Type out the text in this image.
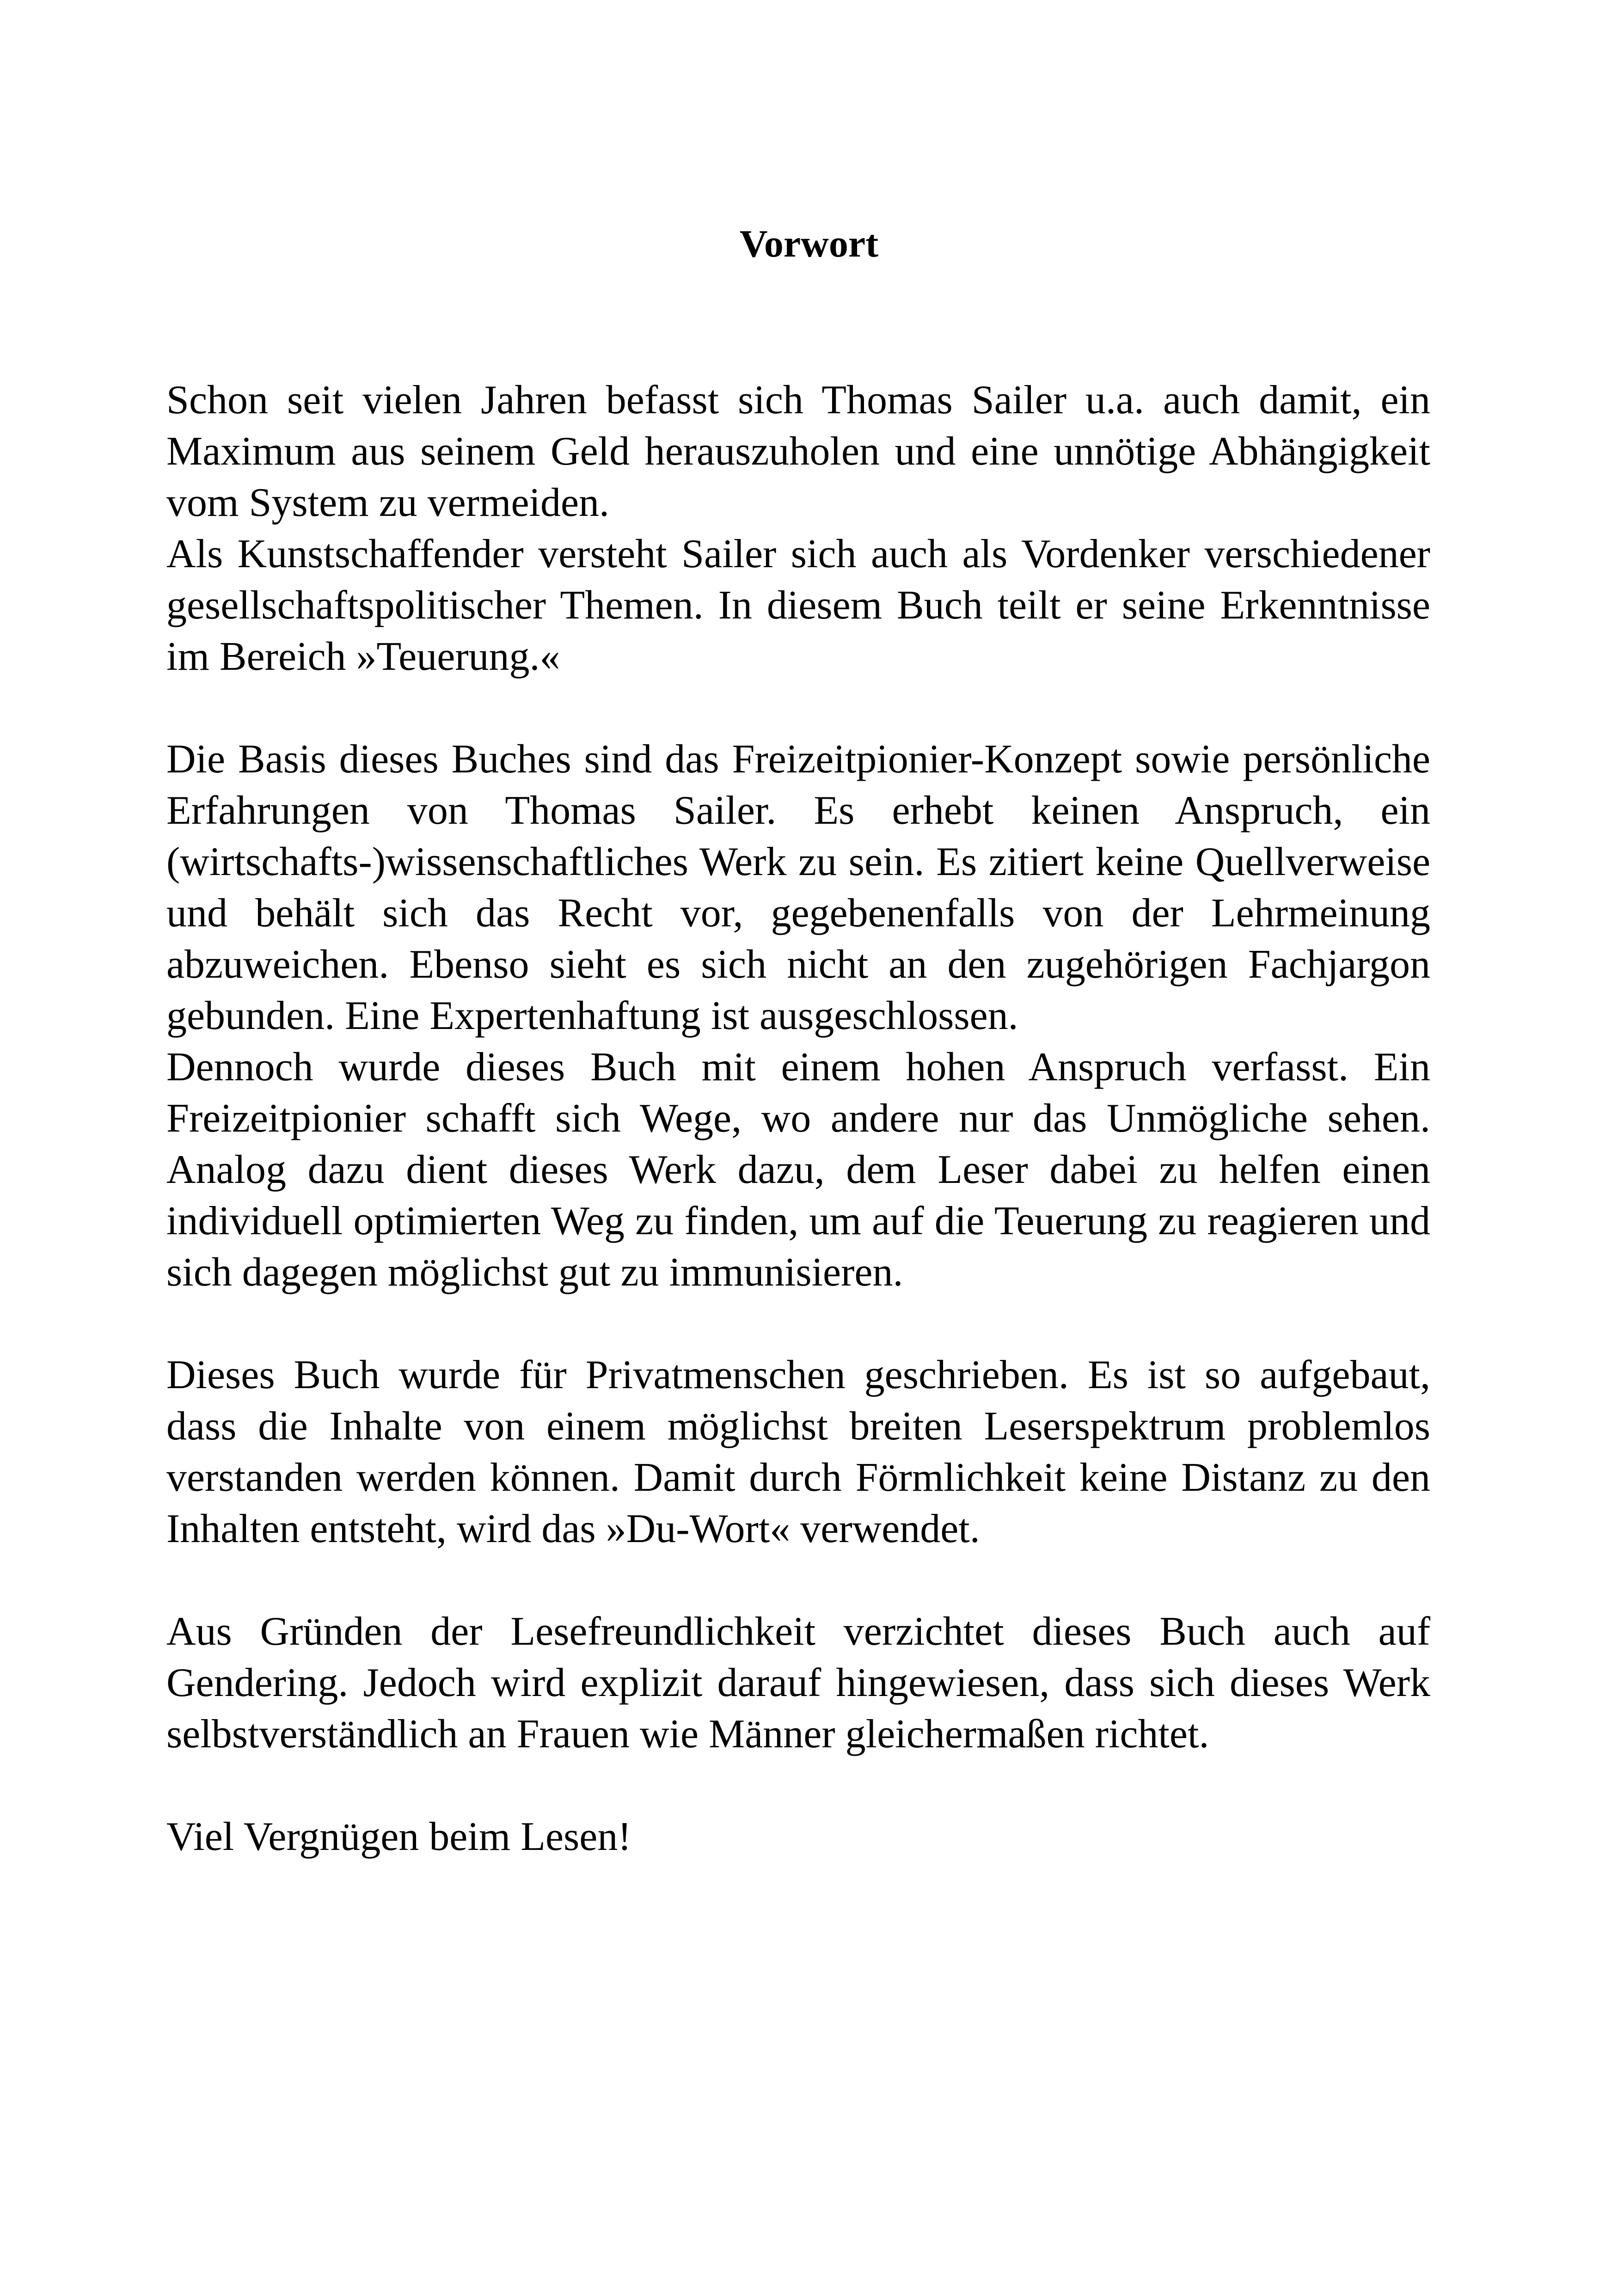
Vorwort

Schon seit vielen Jahren befasst sich Thomas Sailer u.a. auch damit, ein Maximum aus seinem Geld herauszuholen und eine unnötige Abhängigkeit vom System zu vermeiden.

Als Kunstschaffender versteht Sailer sich auch als Vordenker verschiedener gesellschaftspolitischer Themen. In diesem Buch teilt er seine Erkenntnisse im Bereich »Teuerung.«

Die Basis dieses Buches sind das Freizeitpionier-Konzept sowie persönliche Erfahrungen von Thomas Sailer. Es erhebt keinen Anspruch, ein (wirtschafts-)wissenschaftliches Werk zu sein. Es zitiert keine Quellverweise und behält sich das Recht vor, gegebenenfalls von der Lehrmeinung abzuweichen. Ebenso sieht es sich nicht an den zugehörigen Fachjargon gebunden. Eine Expertenhaftung ist ausgeschlossen.

Dennoch wurde dieses Buch mit einem hohen Anspruch verfasst. Ein Freizeitpionier schafft sich Wege, wo andere nur das Unmögliche sehen. Analog dazu dient dieses Werk dazu, dem Leser dabei zu helfen einen individuell optimierten Weg zu finden, um auf die Teuerung zu reagieren und sich dagegen möglichst gut zu immunisieren.

Dieses Buch wurde für Privatmenschen geschrieben. Es ist so aufgebaut, dass die Inhalte von einem möglichst breiten Leserspektrum problemlos verstanden werden können. Damit durch Förmlichkeit keine Distanz zu den Inhalten entsteht, wird das »Du-Wort« verwendet.

Aus Gründen der Lesefreundlichkeit verzichtet dieses Buch auch auf Gendering. Jedoch wird explizit darauf hingewiesen, dass sich dieses Werk selbstverständlich an Frauen wie Männer gleichermaßen richtet.

Viel Vergnügen beim Lesen!
